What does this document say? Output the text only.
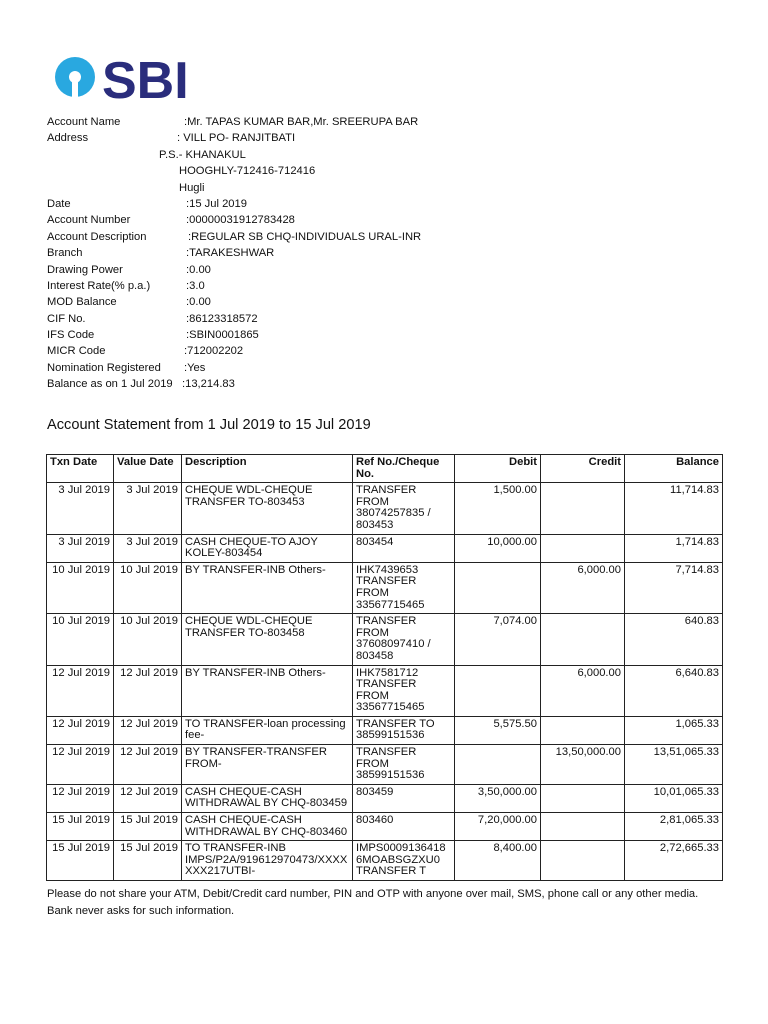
SBI
Account Name	:Mr. TAPAS KUMAR BAR,Mr. SREERUPA BAR
Address	: VILL PO- RANJITBATI
P.S.- KHANAKUL
HOOGHLY-712416-712416
Hugli
Date	:15 Jul 2019
Account Number	:00000031912783428
Account Description	:REGULAR SB CHQ-INDIVIDUALS URAL-INR
Branch	:TARAKESHWAR
Drawing Power	:0.00
Interest Rate(% p.a.)	:3.0
MOD Balance	:0.00
CIF No.	:86123318572
IFS Code	:SBIN0001865
MICR Code	:712002202
Nomination Registered :Yes
Balance as on 1 Jul 2019 :13,214.83
Account Statement from 1 Jul 2019 to 15 Jul 2019
Txn Date	Value Date	Description	Ref No./Cheque No.	Debit	Credit	Balance
3 Jul 2019	3 Jul 2019	CHEQUE WDL-CHEQUE TRANSFER TO-803453	TRANSFER FROM 38074257835 / 803453	1,500.00		11,714.83
3 Jul 2019	3 Jul 2019	CASH CHEQUE-TO AJOY KOLEY-803454	803454	10,000.00		1,714.83
10 Jul 2019	10 Jul 2019	BY TRANSFER-INB Others-	IHK7439653 TRANSFER FROM 33567715465		6,000.00	7,714.83
10 Jul 2019	10 Jul 2019	CHEQUE WDL-CHEQUE TRANSFER TO-803458	TRANSFER FROM 37608097410 / 803458	7,074.00		640.83
12 Jul 2019	12 Jul 2019	BY TRANSFER-INB Others-	IHK7581712 TRANSFER FROM 33567715465		6,000.00	6,640.83
12 Jul 2019	12 Jul 2019	TO TRANSFER-loan processing fee-	TRANSFER TO 38599151536	5,575.50		1,065.33
12 Jul 2019	12 Jul 2019	BY TRANSFER-TRANSFER FROM-	TRANSFER FROM 38599151536		13,50,000.00	13,51,065.33
12 Jul 2019	12 Jul 2019	CASH CHEQUE-CASH WITHDRAWAL BY CHQ-803459	803459	3,50,000.00		10,01,065.33
15 Jul 2019	15 Jul 2019	CASH CHEQUE-CASH WITHDRAWAL BY CHQ-803460	803460	7,20,000.00		2,81,065.33
15 Jul 2019	15 Jul 2019	TO TRANSFER-INB IMPS/P2A/919612970473/XXXXXXX217UTBI-	IMPS0009136418 6MOABSGZXU0 TRANSFER T	8,400.00		2,72,665.33
Please do not share your ATM, Debit/Credit card number, PIN and OTP with anyone over mail, SMS, phone call or any other media. Bank never asks for such information.
